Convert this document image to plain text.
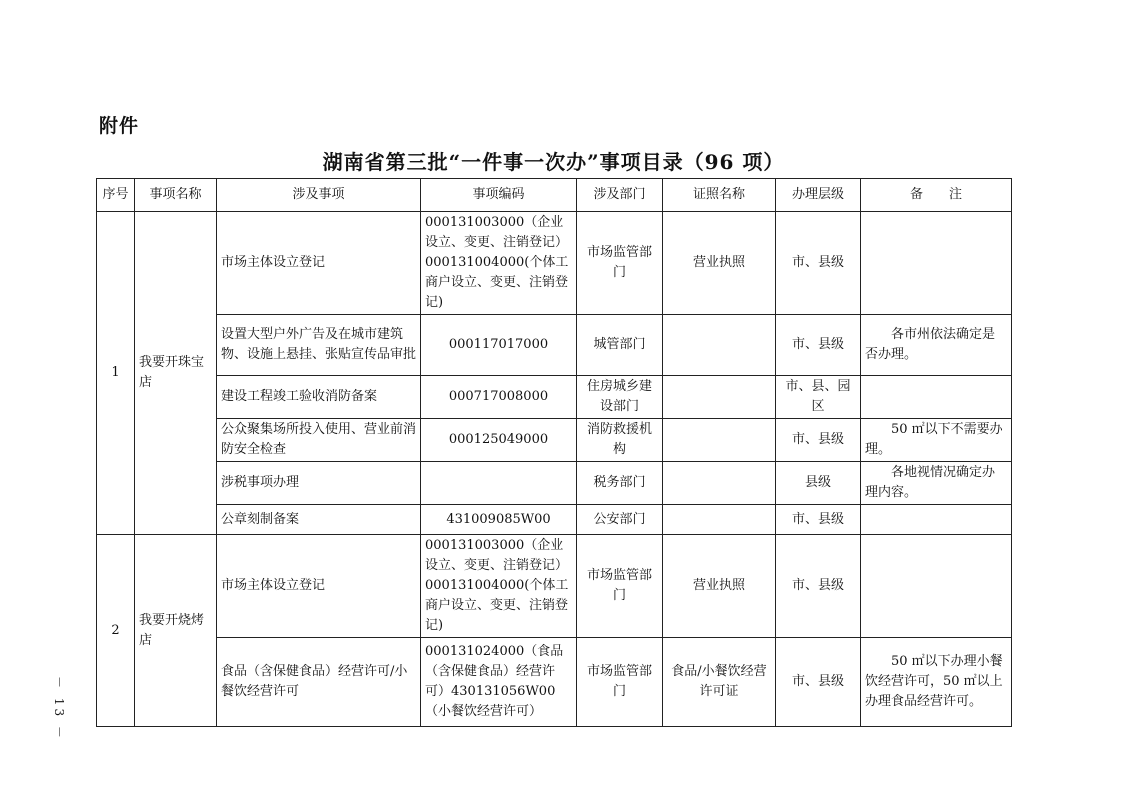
附件
湖南省第三批“一件事一次办”事项目录（96 项）
序号	事项名称	涉及事项	事项编码	涉及部门	证照名称	办理层级	备　　注
1	我要开珠宝店	市场主体设立登记	000131003000（企业设立、变更、注销登记）000131004000(个体工商户设立、变更、注销登记)	市场监管部门	营业执照	市、县级	
		设置大型户外广告及在城市建筑物、设施上悬挂、张贴宣传品审批	000117017000	城管部门		市、县级	各市州依法确定是否办理。
		建设工程竣工验收消防备案	000717008000	住房城乡建设部门		市、县、园区	
		公众聚集场所投入使用、营业前消防安全检查	000125049000	消防救援机构		市、县级	50 ㎡以下不需要办理。
		涉税事项办理		税务部门		县级	各地视情况确定办理内容。
		公章刻制备案	431009085W00	公安部门		市、县级	
2	我要开烧烤店	市场主体设立登记	000131003000（企业设立、变更、注销登记）000131004000(个体工商户设立、变更、注销登记)	市场监管部门	营业执照	市、县级	
		食品（含保健食品）经营许可/小餐饮经营许可	000131024000（食品（含保健食品）经营许可）430131056W00（小餐饮经营许可）	市场监管部门	食品/小餐饮经营许可证	市、县级	50 ㎡以下办理小餐饮经营许可，50 ㎡以上办理食品经营许可。
－ 13 －
